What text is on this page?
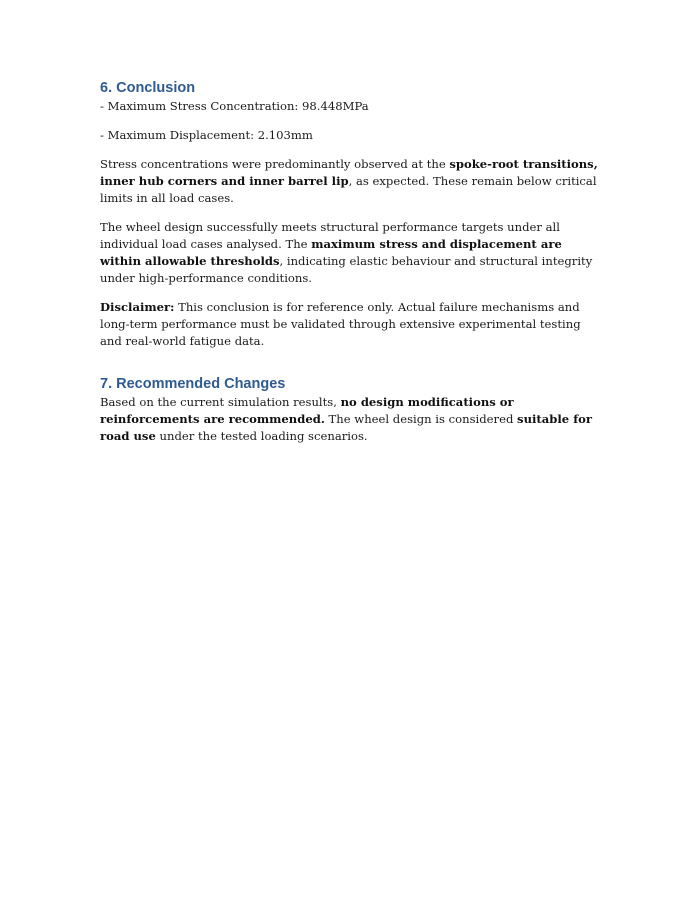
6. Conclusion

- Maximum Stress Concentration: 98.448MPa

- Maximum Displacement: 2.103mm

Stress concentrations were predominantly observed at the spoke-root transitions, inner hub corners and inner barrel lip, as expected. These remain below critical limits in all load cases.

The wheel design successfully meets structural performance targets under all individual load cases analysed. The maximum stress and displacement are within allowable thresholds, indicating elastic behaviour and structural integrity under high-performance conditions.

Disclaimer: This conclusion is for reference only. Actual failure mechanisms and long-term performance must be validated through extensive experimental testing and real-world fatigue data.

7. Recommended Changes

Based on the current simulation results, no design modifications or reinforcements are recommended. The wheel design is considered suitable for road use under the tested loading scenarios.
